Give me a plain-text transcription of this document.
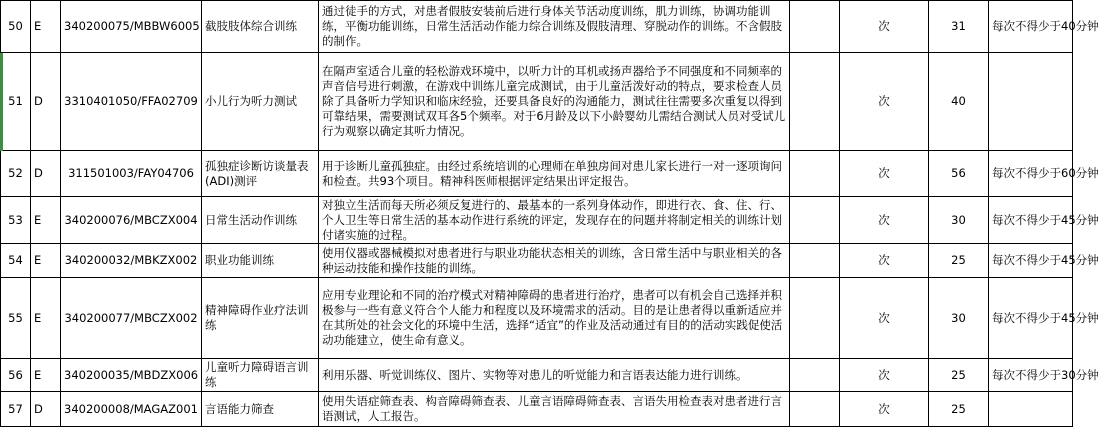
50	E	340200075/MBBW6005	截肢肢体综合训练	通过徒手的方式，对患者假肢安装前后进行身体关节活动度训练，肌力训练，协调功能训练，平衡功能训练，日常生活活动作能力综合训练及假肢清理、穿脱动作的训练。不含假肢的制作。		次	31	每次不得少于40分钟
51	D	3310401050/FFA02709	小儿行为听力测试	在隔声室适合儿童的轻松游戏环境中，以听力计的耳机或扬声器给予不同强度和不同频率的声音信号进行刺激，在游戏中训练儿童完成测试，由于儿童活泼好动的特点，要求检查人员除了具备听力学知识和临床经验，还要具备良好的沟通能力，测试往往需要多次重复以得到可靠结果，需要测试双耳各5个频率。对于6月龄及以下小龄婴幼儿需结合测试人员对受试儿行为观察以确定其听力情况。		次	40	
52	D	311501003/FAY04706	孤独症诊断访谈量表(ADI)测评	用于诊断儿童孤独症。由经过系统培训的心理师在单独房间对患儿家长进行一对一逐项询问和检查。共93个项目。精神科医师根据评定结果出评定报告。		次	56	每次不得少于60分钟
53	E	340200076/MBCZX004	日常生活动作训练	对独立生活而每天所必须反复进行的、最基本的一系列身体动作，即进行衣、食、住、行、个人卫生等日常生活的基本动作进行系统的评定，发现存在的问题并将制定相关的训练计划付诸实施的过程。		次	30	每次不得少于45分钟
54	E	340200032/MBKZX002	职业功能训练	使用仪器或器械模拟对患者进行与职业功能状态相关的训练，含日常生活中与职业相关的各种运动技能和操作技能的训练。		次	25	每次不得少于45分钟
55	E	340200077/MBCZX002	精神障碍作业疗法训练	应用专业理论和不同的治疗模式对精神障碍的患者进行治疗，患者可以有机会自己选择并积极参与一些有意义符合个人能力和程度以及环境需求的活动。目的是让患者得以重新适应并在其所处的社会文化的环境中生活，选择“适宜”的作业及活动通过有目的的活动实践促使活动功能建立，使生命有意义。		次	30	每次不得少于45分钟
56	E	340200035/MBDZX006	儿童听力障碍语言训练	利用乐器、听觉训练仪、图片、实物等对患儿的听觉能力和言语表达能力进行训练。		次	25	每次不得少于30分钟
57	D	340200008/MAGAZ001	言语能力筛查	使用失语症筛查表、构音障碍筛查表、儿童言语障碍筛查表、言语失用检查表对患者进行言语测试，人工报告。		次	25	
